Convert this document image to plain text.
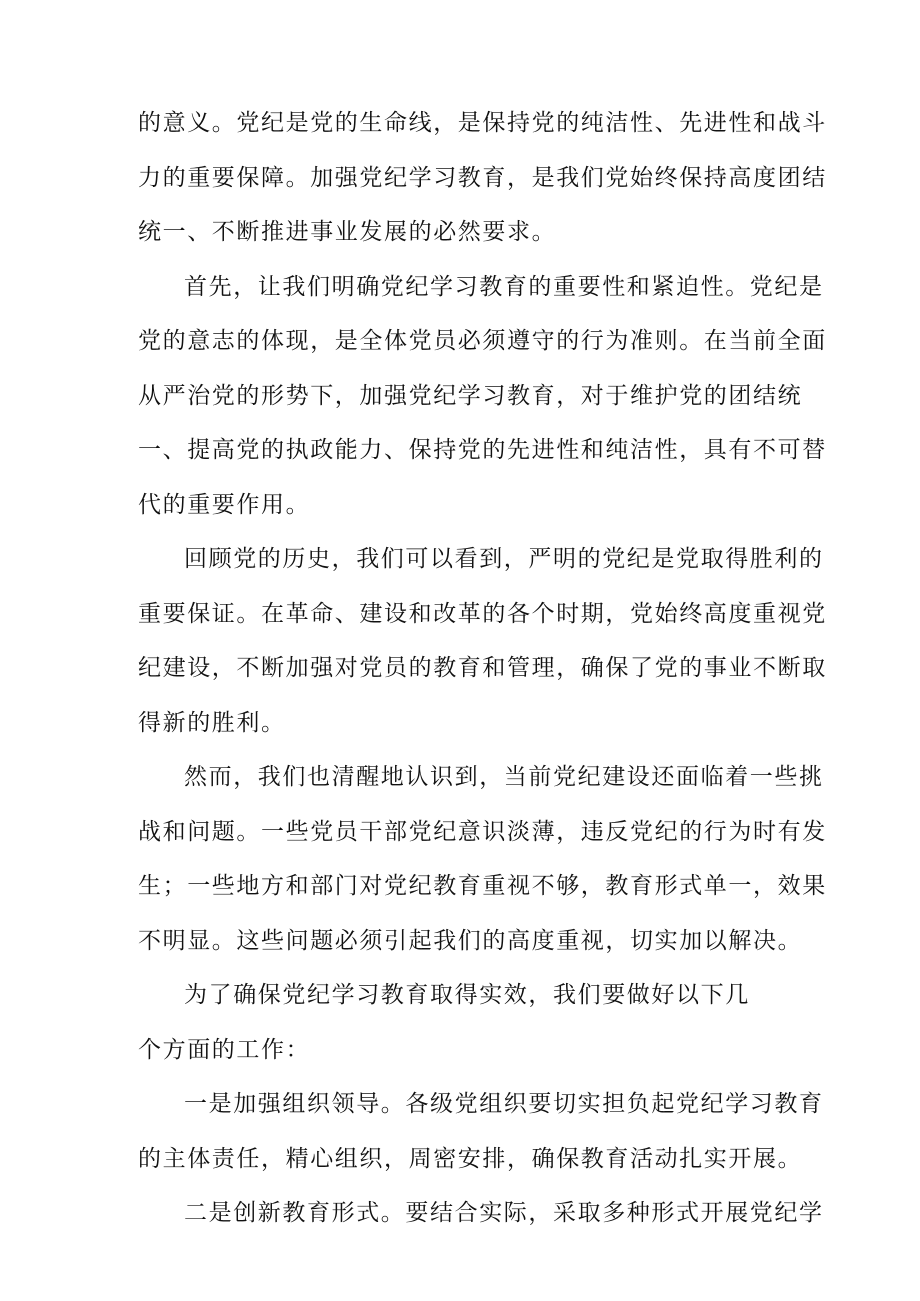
的意义。党纪是党的生命线，是保持党的纯洁性、先进性和战斗
力的重要保障。加强党纪学习教育，是我们党始终保持高度团结
统一、不断推进事业发展的必然要求。
首先，让我们明确党纪学习教育的重要性和紧迫性。党纪是
党的意志的体现，是全体党员必须遵守的行为准则。在当前全面
从严治党的形势下，加强党纪学习教育，对于维护党的团结统
一、提高党的执政能力、保持党的先进性和纯洁性，具有不可替
代的重要作用。
回顾党的历史，我们可以看到，严明的党纪是党取得胜利的
重要保证。在革命、建设和改革的各个时期，党始终高度重视党
纪建设，不断加强对党员的教育和管理，确保了党的事业不断取
得新的胜利。
然而，我们也清醒地认识到，当前党纪建设还面临着一些挑
战和问题。一些党员干部党纪意识淡薄，违反党纪的行为时有发
生；一些地方和部门对党纪教育重视不够，教育形式单一，效果
不明显。这些问题必须引起我们的高度重视，切实加以解决。
为了确保党纪学习教育取得实效，我们要做好以下几
个方面的工作：
一是加强组织领导。各级党组织要切实担负起党纪学习教育
的主体责任，精心组织，周密安排，确保教育活动扎实开展。
二是创新教育形式。要结合实际，采取多种形式开展党纪学
